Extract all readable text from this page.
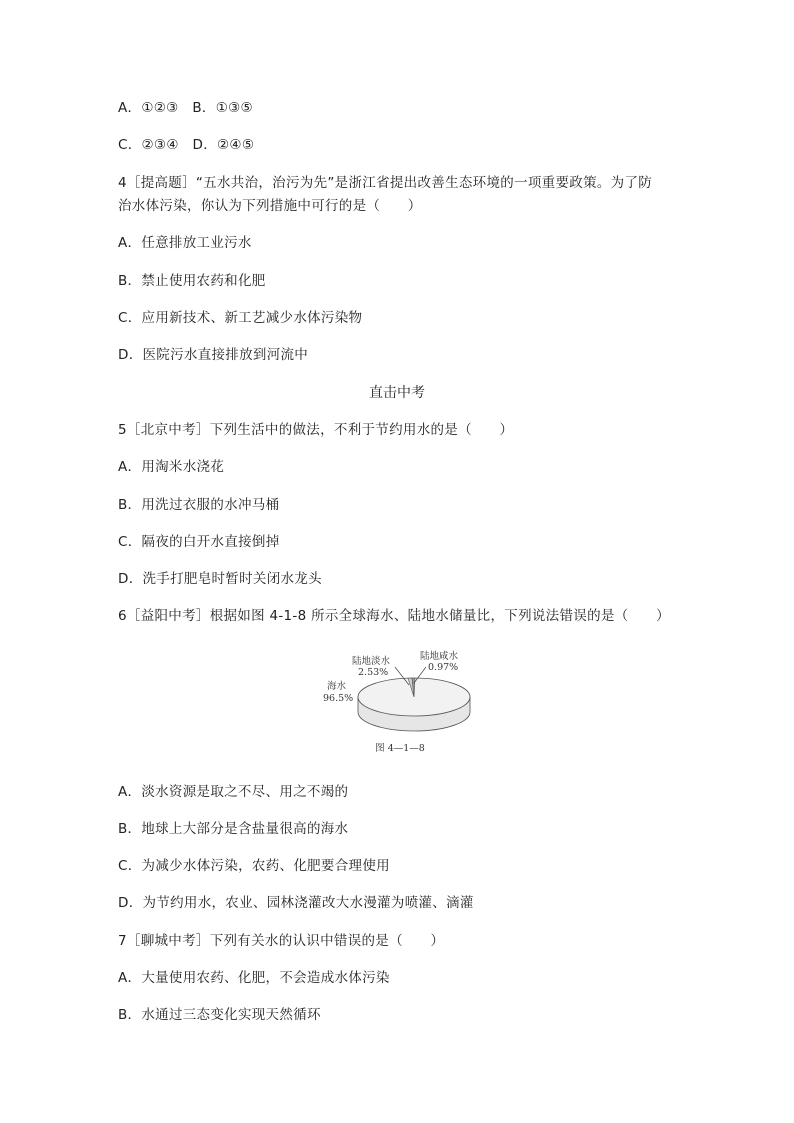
A．①②③　B．①③⑤
C．②③④　D．②④⑤
4［提高题］“五水共治，治污为先”是浙江省提出改善生态环境的一项重要政策。为了防
治水体污染，你认为下列措施中可行的是（　　）
A．任意排放工业污水
B．禁止使用农药和化肥
C．应用新技术、新工艺减少水体污染物
D．医院污水直接排放到河流中
直击中考
5［北京中考］下列生活中的做法，不利于节约用水的是（　　）
A．用淘米水浇花
B．用洗过衣服的水冲马桶
C．隔夜的白开水直接倒掉
D．洗手打肥皂时暂时关闭水龙头
6［益阳中考］根据如图 4-1-8 所示全球海水、陆地水储量比，下列说法错误的是（　　）
陆地淡水
2.53%
陆地咸水
0.97%
海水
96.5%
图 4—1—8
A．淡水资源是取之不尽、用之不竭的
B．地球上大部分是含盐量很高的海水
C．为减少水体污染，农药、化肥要合理使用
D．为节约用水，农业、园林浇灌改大水漫灌为喷灌、滴灌
7［聊城中考］下列有关水的认识中错误的是（　　）
A．大量使用农药、化肥，不会造成水体污染
B．水通过三态变化实现天然循环
